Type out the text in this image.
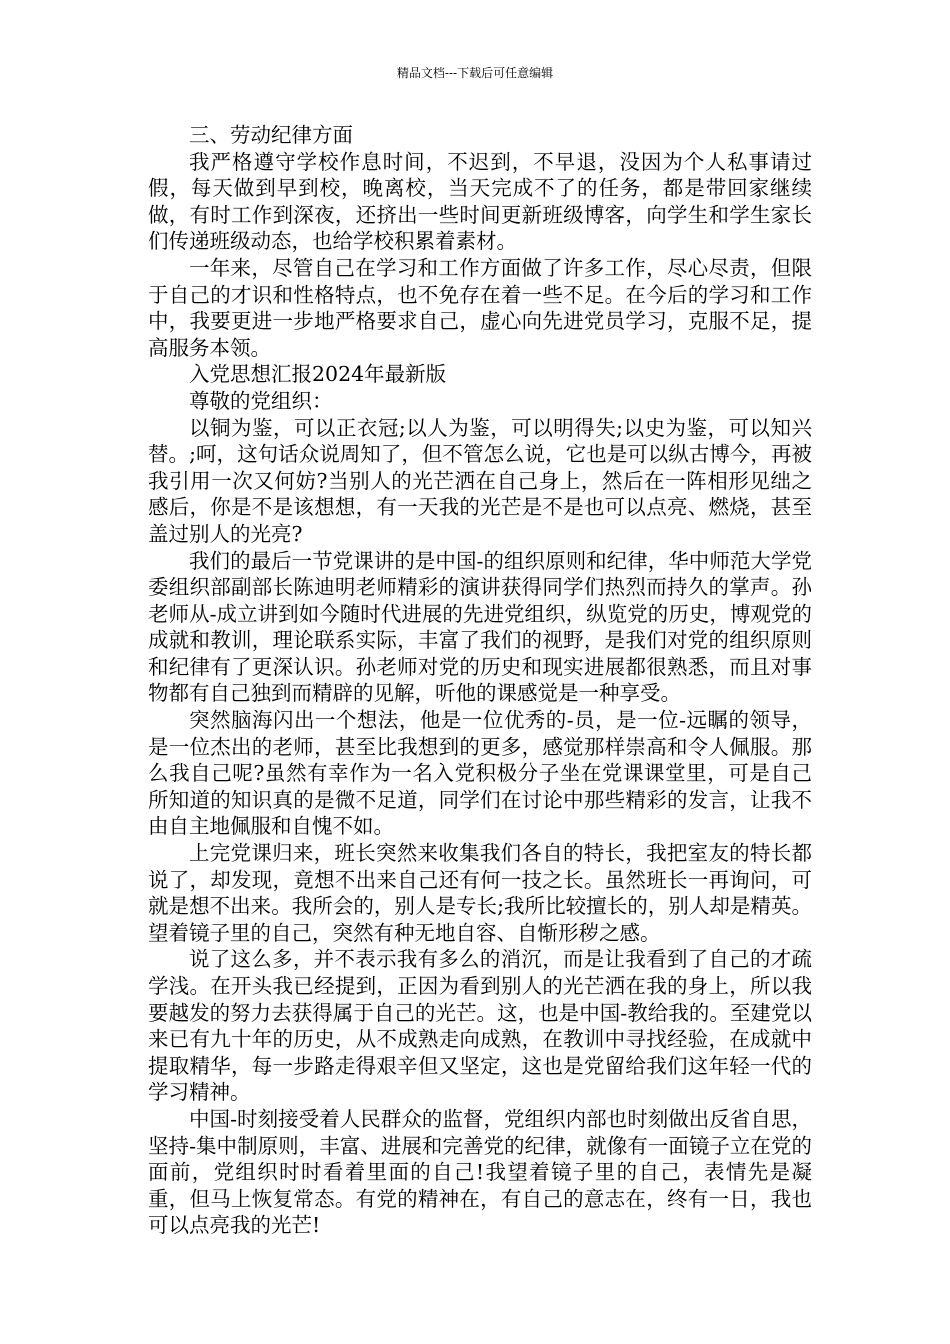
精品文档---下载后可任意编辑

三、劳动纪律方面

我严格遵守学校作息时间，不迟到，不早退，没因为个人私事请过假，每天做到早到校，晚离校，当天完成不了的任务，都是带回家继续做，有时工作到深夜，还挤出一些时间更新班级博客，向学生和学生家长们传递班级动态，也给学校积累着素材。

一年来，尽管自己在学习和工作方面做了许多工作，尽心尽责，但限于自己的才识和性格特点，也不免存在着一些不足。在今后的学习和工作中，我要更进一步地严格要求自己，虚心向先进党员学习，克服不足，提高服务本领。

入党思想汇报2024年最新版

尊敬的党组织：

以铜为鉴，可以正衣冠;以人为鉴，可以明得失;以史为鉴，可以知兴替。;呵，这句话众说周知了，但不管怎么说，它也是可以纵古博今，再被我引用一次又何妨?当别人的光芒洒在自己身上，然后在一阵相形见绌之感后，你是不是该想想，有一天我的光芒是不是也可以点亮、燃烧，甚至盖过别人的光亮?

我们的最后一节党课讲的是中国-的组织原则和纪律，华中师范大学党委组织部副部长陈迪明老师精彩的演讲获得同学们热烈而持久的掌声。孙老师从-成立讲到如今随时代进展的先进党组织，纵览党的历史，博观党的成就和教训，理论联系实际，丰富了我们的视野，是我们对党的组织原则和纪律有了更深认识。孙老师对党的历史和现实进展都很熟悉，而且对事物都有自己独到而精辟的见解，听他的课感觉是一种享受。

突然脑海闪出一个想法，他是一位优秀的-员，是一位-远瞩的领导，是一位杰出的老师，甚至比我想到的更多，感觉那样崇高和令人佩服。那么我自己呢?虽然有幸作为一名入党积极分子坐在党课课堂里，可是自己所知道的知识真的是微不足道，同学们在讨论中那些精彩的发言，让我不由自主地佩服和自愧不如。

上完党课归来，班长突然来收集我们各自的特长，我把室友的特长都说了，却发现，竟想不出来自己还有何一技之长。虽然班长一再询问，可就是想不出来。我所会的，别人是专长;我所比较擅长的，别人却是精英。望着镜子里的自己，突然有种无地自容、自惭形秽之感。

说了这么多，并不表示我有多么的消沉，而是让我看到了自己的才疏学浅。在开头我已经提到，正因为看到别人的光芒洒在我的身上，所以我要越发的努力去获得属于自己的光芒。这，也是中国-教给我的。至建党以来已有九十年的历史，从不成熟走向成熟，在教训中寻找经验，在成就中提取精华，每一步路走得艰辛但又坚定，这也是党留给我们这年轻一代的学习精神。

中国-时刻接受着人民群众的监督，党组织内部也时刻做出反省自思，坚持-集中制原则，丰富、进展和完善党的纪律，就像有一面镜子立在党的面前，党组织时时看着里面的自己!我望着镜子里的自己，表情先是凝重，但马上恢复常态。有党的精神在，有自己的意志在，终有一日，我也可以点亮我的光芒!
